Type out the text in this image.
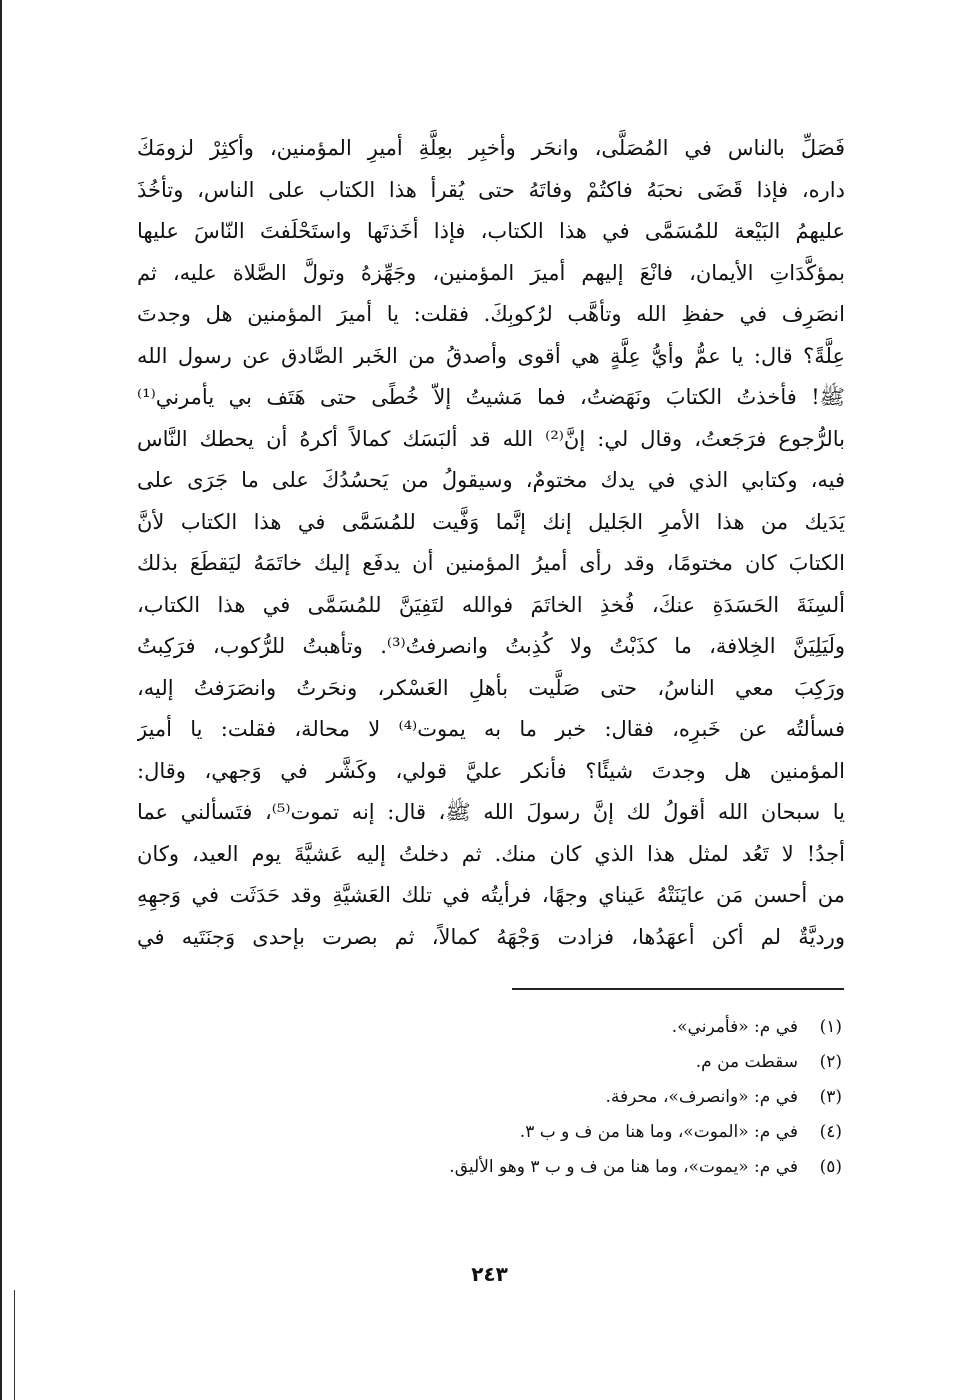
فَصَلِّ بالناس في المُصَلَّى، وانحَر وأخبِر بعِلَّةِ أميرِ المؤمنين، وأكثِرْ لزومَكَ
داره، فإذا قَضَى نحبَهُ فاكتُمْ وفاتَهُ حتى يُقرأ هذا الكتاب على الناس، وتأخُذَ
عليهمُ البَيْعة للمُسَمَّى في هذا الكتاب، فإذا أخَذتَها واستَحْلَفتَ النّاسَ عليها
بمؤكَّدَاتِ الأيمان، فانْعَ إليهم أميرَ المؤمنين، وجَهِّزهُ وتولَّ الصَّلاة عليه، ثم
انصَرِف في حفظِ الله وتأهَّب لرُكوبِكَ. فقلت: يا أميرَ المؤمنين هل وجدتَ
عِلَّةً؟ قال: يا عمُّ وأيُّ عِلَّةٍ هي أقوى وأصدقُ من الخَبر الصَّادق عن رسول الله
ﷺ! فأخذتُ الكتابَ ونَهَضتُ، فما مَشيتُ إلاّ خُطًى حتى هَتَف بي يأمرني⁽¹⁾
بالرُّجوع فرَجَعتُ، وقال لي: إنَّ⁽²⁾ الله قد ألبَسَك كمالاً أكرهُ أن يحطك النَّاس
فيه، وكتابي الذي في يدك مختومٌ، وسيقولُ من يَحسُدُكَ على ما جَرَى على
يَدَيك من هذا الأمرِ الجَليل إنك إنَّما وَفَّيت للمُسَمَّى في هذا الكتاب لأنَّ
الكتابَ كان مختومًا، وقد رأى أميرُ المؤمنين أن يدفَع إليك خاتَمَهُ ليَقطَعَ بذلك
ألسِنَةَ الحَسَدَةِ عنكَ، فُخذِ الخاتَمَ فوالله لتَفِيَنَّ للمُسَمَّى في هذا الكتاب،
ولَيَلِيَنَّ الخِلافة، ما كذَبْتُ ولا كُذِبتُ وانصرفتُ⁽³⁾. وتأهبتُ للرُّكوب، فرَكِبتُ
ورَكِبَ معي الناسُ، حتى صَلَّيت بأهلِ العَسْكر، ونحَرتُ وانصَرَفتُ إليه،
فسألتُه عن خَبرِه، فقال: خبر ما به يموت⁽⁴⁾ لا محالة، فقلت: يا أميرَ
المؤمنين هل وجدتَ شيئًا؟ فأنكر عليَّ قولي، وكَشَّر في وَجهي، وقال:
يا سبحان الله أقولُ لك إنَّ رسولَ الله ﷺ، قال: إنه تموت⁽⁵⁾، فتَسألني عما
أجدُ! لا تَعُد لمثل هذا الذي كان منك. ثم دخلتُ إليه عَشيَّةَ يوم العيد، وكان
من أحسن مَن عايَنَتْهُ عَيناي وجهًا، فرأيتُه في تلك العَشيَّةِ وقد حَدَثَت في وَجهِهِ
ورديَّةٌ لم أكن أعهَدُها، فزادت وَجْهَهُ كمالاً، ثم بصرت بإحدى وَجنَتَيه في
(١)
في م: «فأمرني».
(٢)
سقطت من م.
(٣)
في م: «وانصرف»، محرفة.
(٤)
في م: «الموت»، وما هنا من ف و ب ٣.
(٥)
في م: «يموت»، وما هنا من ف و ب ٣ وهو الأليق.
٢٤٣
